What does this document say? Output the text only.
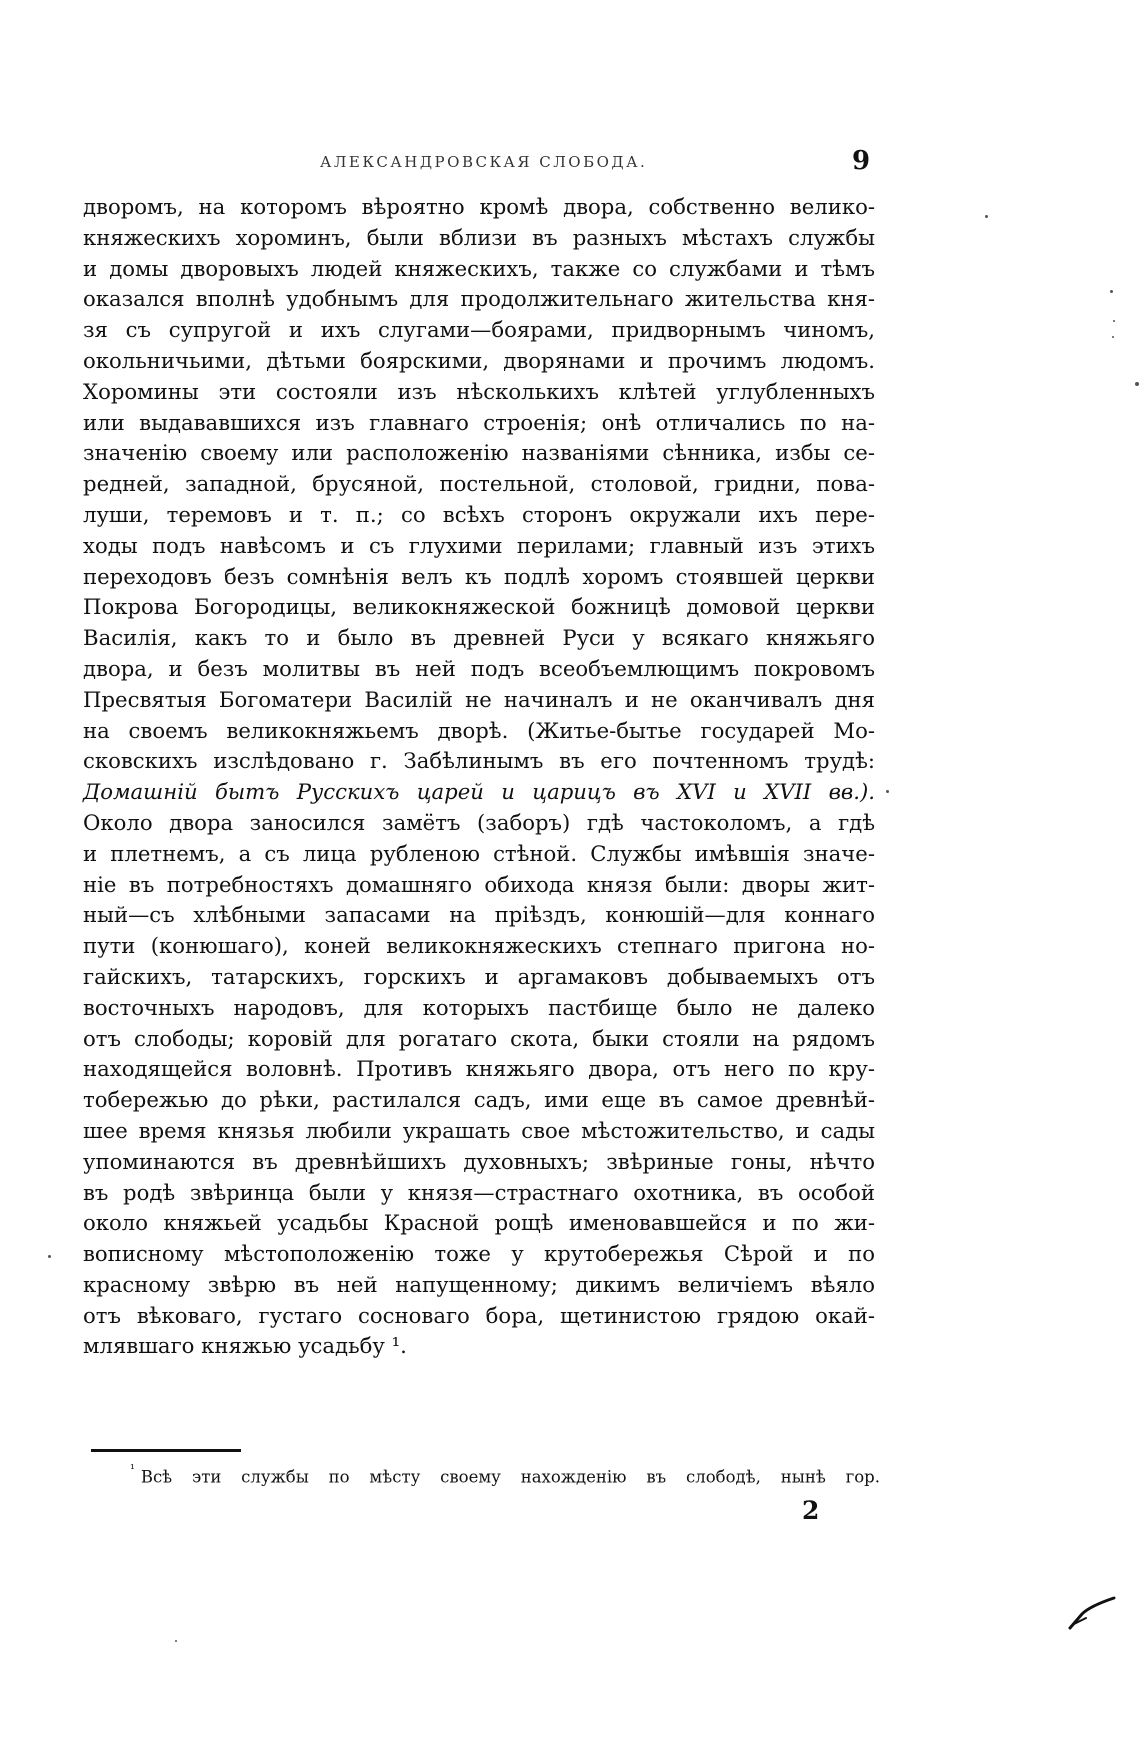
АЛЕКСАНДРОВСКАЯ СЛОБОДА.	9
дворомъ, на которомъ вѣроятно кромѣ двора, собственно велико-
княжескихъ хороминъ, были вблизи въ разныхъ мѣстахъ службы
и домы дворовыхъ людей княжескихъ, также со службами и тѣмъ
оказался вполнѣ удобнымъ для продолжительнаго жительства кня-
зя съ супругой и ихъ слугами—боярами, придворнымъ чиномъ,
окольничьими, дѣтьми боярскими, дворянами и прочимъ людомъ.
Хоромины эти состояли изъ нѣсколькихъ клѣтей углубленныхъ
или выдававшихся изъ главнаго строенія; онѣ отличались по на-
значенію своему или расположенію названіями сѣнника, избы се-
редней, западной, брусяной, постельной, столовой, гридни, пова-
луши, теремовъ и т. п.; со всѣхъ сторонъ окружали ихъ пере-
ходы подъ навѣсомъ и съ глухими перилами; главный изъ этихъ
переходовъ безъ сомнѣнія велъ къ подлѣ хоромъ стоявшей церкви
Покрова Богородицы, великокняжеской божницѣ домовой церкви
Василія, какъ то и было въ древней Руси у всякаго княжьяго
двора, и безъ молитвы въ ней подъ всеобъемлющимъ покровомъ
Пресвятыя Богоматери Василій не начиналъ и не оканчивалъ дня
на своемъ великокняжьемъ дворѣ. (Житье-бытье государей Мо-
сковскихъ изслѣдовано г. Забѣлинымъ въ его почтенномъ трудѣ:
Домашній бытъ Русскихъ царей и царицъ въ XVI и XVII вв.).
Около двора заносился замётъ (заборъ) гдѣ частоколомъ, а гдѣ
и плетнемъ, а съ лица рубленою стѣной. Службы имѣвшія значе-
ніе въ потребностяхъ домашняго обихода князя были: дворы жит-
ный—съ хлѣбными запасами на пріѣздъ, конюшій—для коннаго
пути (конюшаго), коней великокняжескихъ степнаго пригона но-
гайскихъ, татарскихъ, горскихъ и аргамаковъ добываемыхъ отъ
восточныхъ народовъ, для которыхъ пастбище было не далеко
отъ слободы; коровій для рогатаго скота, быки стояли на рядомъ
находящейся воловнѣ. Противъ княжьяго двора, отъ него по кру-
тобережью до рѣки, растилался садъ, ими еще въ самое древнѣй-
шее время князья любили украшать свое мѣстожительство, и сады
упоминаются въ древнѣйшихъ духовныхъ; звѣриные гоны, нѣчто
въ родѣ звѣринца были у князя—страстнаго охотника, въ особой
около княжьей усадьбы Красной рощѣ именовавшейся и по жи-
вописному мѣстоположенію тоже у крутобережья Сѣрой и по
красному звѣрю въ ней напущенному; дикимъ величіемъ вѣяло
отъ вѣковаго, густаго сосноваго бора, щетинистою грядою окай-
млявшаго княжью усадьбу ¹.
$^{^1}$ Всѣ эти службы по мѣсту своему нахожденію въ слободѣ, нынѣ гор.
2
